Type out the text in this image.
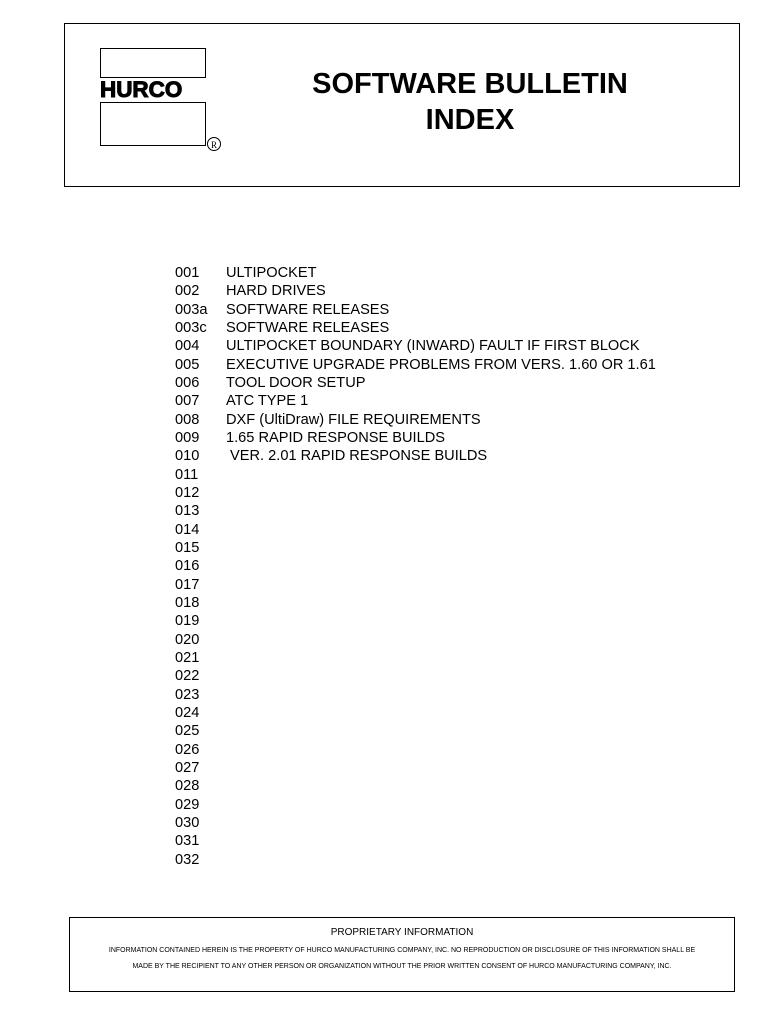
HURCO
R
SOFTWARE BULLETIN
INDEX
001 ULTIPOCKET
002 HARD DRIVES
003a SOFTWARE RELEASES
003c SOFTWARE RELEASES
004 ULTIPOCKET BOUNDARY (INWARD) FAULT IF FIRST BLOCK
005 EXECUTIVE UPGRADE PROBLEMS FROM VERS. 1.60 OR 1.61
006 TOOL DOOR SETUP
007 ATC TYPE 1
008 DXF (UltiDraw) FILE REQUIREMENTS
009 1.65 RAPID RESPONSE BUILDS
010 VER. 2.01 RAPID RESPONSE BUILDS
011
012
013
014
015
016
017
018
019
020
021
022
023
024
025
026
027
028
029
030
031
032
PROPRIETARY INFORMATION
INFORMATION CONTAINED HEREIN IS THE PROPERTY OF HURCO MANUFACTURING COMPANY, INC. NO REPRODUCTION OR DISCLOSURE OF THIS INFORMATION SHALL BE
MADE BY THE RECIPIENT TO ANY OTHER PERSON OR ORGANIZATION WITHOUT THE PRIOR WRITTEN CONSENT OF HURCO MANUFACTURING COMPANY, INC.
